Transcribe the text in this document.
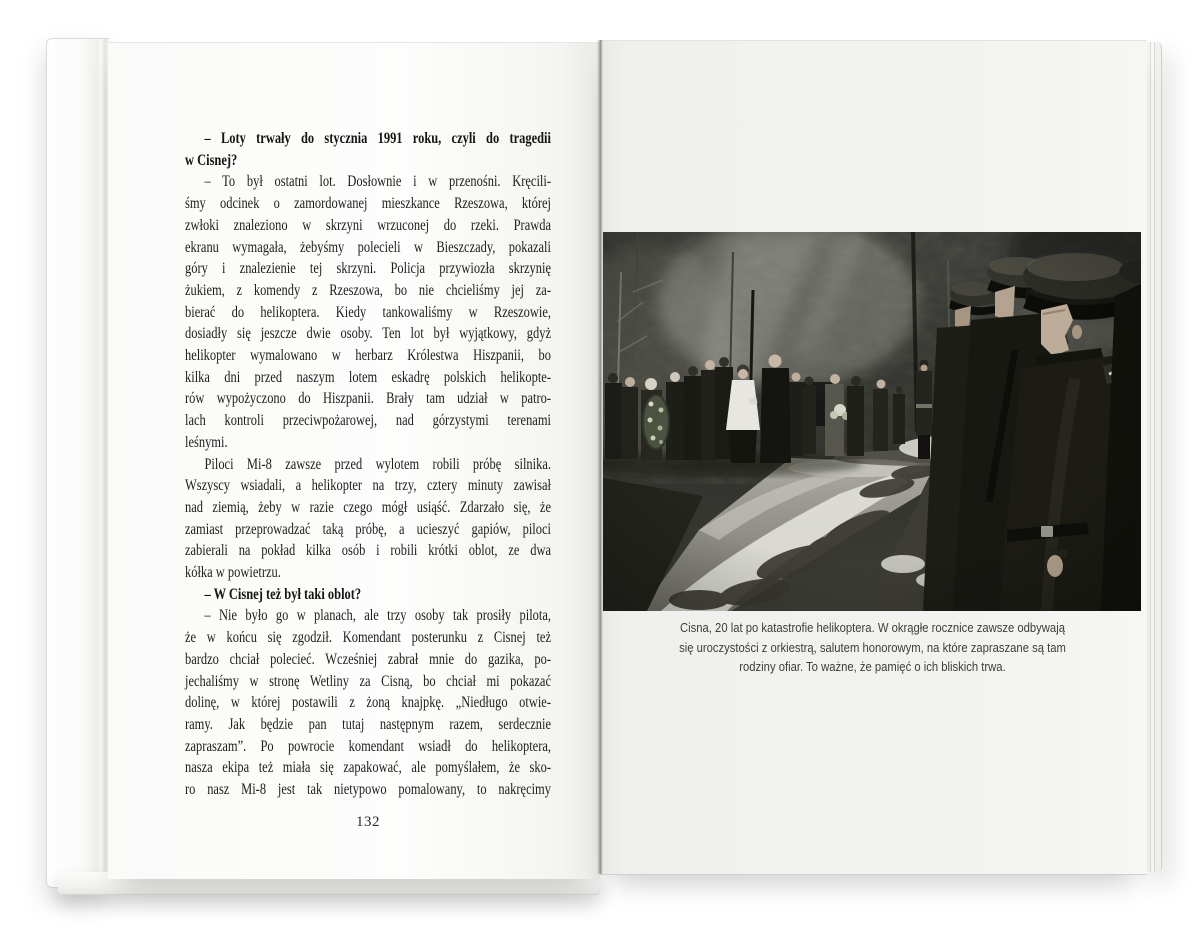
– Loty trwały do stycznia 1991 roku, czyli do tragedii
w Cisnej?
– To był ostatni lot. Dosłownie i w przenośni. Kręcili-
śmy odcinek o zamordowanej mieszkance Rzeszowa, której
zwłoki znaleziono w skrzyni wrzuconej do rzeki. Prawda
ekranu wymagała, żebyśmy polecieli w Bieszczady, pokazali
góry i znalezienie tej skrzyni. Policja przywiozła skrzynię
żukiem, z komendy z Rzeszowa, bo nie chcieliśmy jej za-
bierać do helikoptera. Kiedy tankowaliśmy w Rzeszowie,
dosiadły się jeszcze dwie osoby. Ten lot był wyjątkowy, gdyż
helikopter wymalowano w herbarz Królestwa Hiszpanii, bo
kilka dni przed naszym lotem eskadrę polskich helikopte-
rów wypożyczono do Hiszpanii. Brały tam udział w patro-
lach kontroli przeciwpożarowej, nad górzystymi terenami
leśnymi.
Piloci Mi-8 zawsze przed wylotem robili próbę silnika.
Wszyscy wsiadali, a helikopter na trzy, cztery minuty zawisał
nad ziemią, żeby w razie czego mógł usiąść. Zdarzało się, że
zamiast przeprowadzać taką próbę, a ucieszyć gapiów, piloci
zabierali na pokład kilka osób i robili krótki oblot, ze dwa
kółka w powietrzu.
– W Cisnej też był taki oblot?
– Nie było go w planach, ale trzy osoby tak prosiły pilota,
że w końcu się zgodził. Komendant posterunku z Cisnej też
bardzo chciał polecieć. Wcześniej zabrał mnie do gazika, po-
jechaliśmy w stronę Wetliny za Cisną, bo chciał mi pokazać
dolinę, w której postawili z żoną knajpkę. „Niedługo otwie-
ramy. Jak będzie pan tutaj następnym razem, serdecznie
zapraszam”. Po powrocie komendant wsiadł do helikoptera,
nasza ekipa też miała się zapakować, ale pomyślałem, że sko-
ro nasz Mi-8 jest tak nietypowo pomalowany, to nakręcimy
132
Cisna, 20 lat po katastrofie helikoptera. W okrągłe rocznice zawsze odbywają
się uroczystości z orkiestrą, salutem honorowym, na które zapraszane są tam
rodziny ofiar. To ważne, że pamięć o ich bliskich trwa.
